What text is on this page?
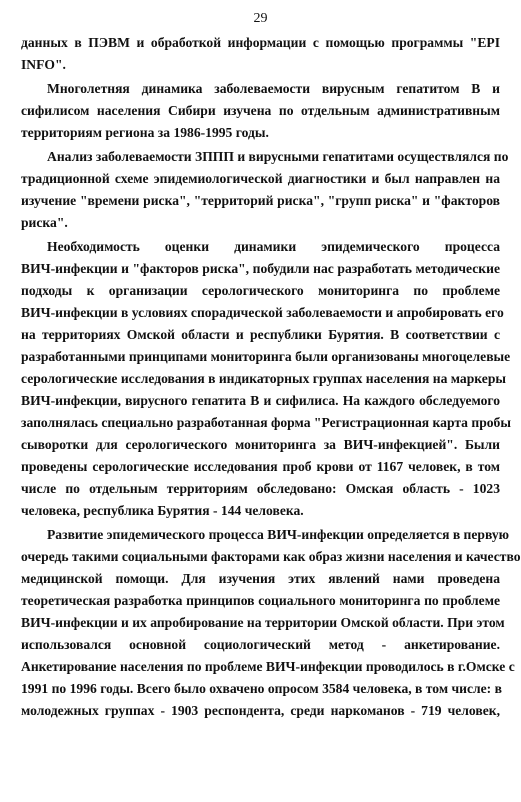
29
данных в ПЭВМ и обработкой информации с помощью программы "EPI
INFO".
Многолетняя динамика заболеваемости вирусным гепатитом В и
сифилисом населения Сибири изучена по отдельным административным
территориям региона за 1986-1995 годы.
Анализ заболеваемости ЗППП и вирусными гепатитами осуществлялся по
традиционной схеме эпидемиологической диагностики и был направлен на
изучение "времени риска", "территорий риска", "групп риска" и "факторов
риска".
Необходимость оценки динамики эпидемического процесса
ВИЧ-инфекции и "факторов риска", побудили нас разработать методические
подходы к организации серологического мониторинга по проблеме
ВИЧ-инфекции в условиях спорадической заболеваемости и апробировать его
на территориях Омской области и республики Бурятия. В соответствии с
разработанными принципами мониторинга были организованы многоцелевые
серологические исследования в индикаторных группах населения на маркеры
ВИЧ-инфекции, вирусного гепатита В и сифилиса. На каждого обследуемого
заполнялась специально разработанная форма "Регистрационная карта пробы
сыворотки для серологического мониторинга за ВИЧ-инфекцией". Были
проведены серологические исследования проб крови от 1167 человек, в том
числе по отдельным территориям обследовано: Омская область - 1023
человека, республика Бурятия - 144 человека.
Развитие эпидемического процесса ВИЧ-инфекции определяется в первую
очередь такими социальными факторами как образ жизни населения и качество
медицинской помощи. Для изучения этих явлений нами проведена
теоретическая разработка принципов социального мониторинга по проблеме
ВИЧ-инфекции и их апробирование на территории Омской области. При этом
использовался основной социологический метод - анкетирование.
Анкетирование населения по проблеме ВИЧ-инфекции проводилось в г.Омске с
1991 по 1996 годы. Всего было охвачено опросом 3584 человека, в том числе: в
молодежных группах - 1903 респондента, среди наркоманов - 719 человек,
